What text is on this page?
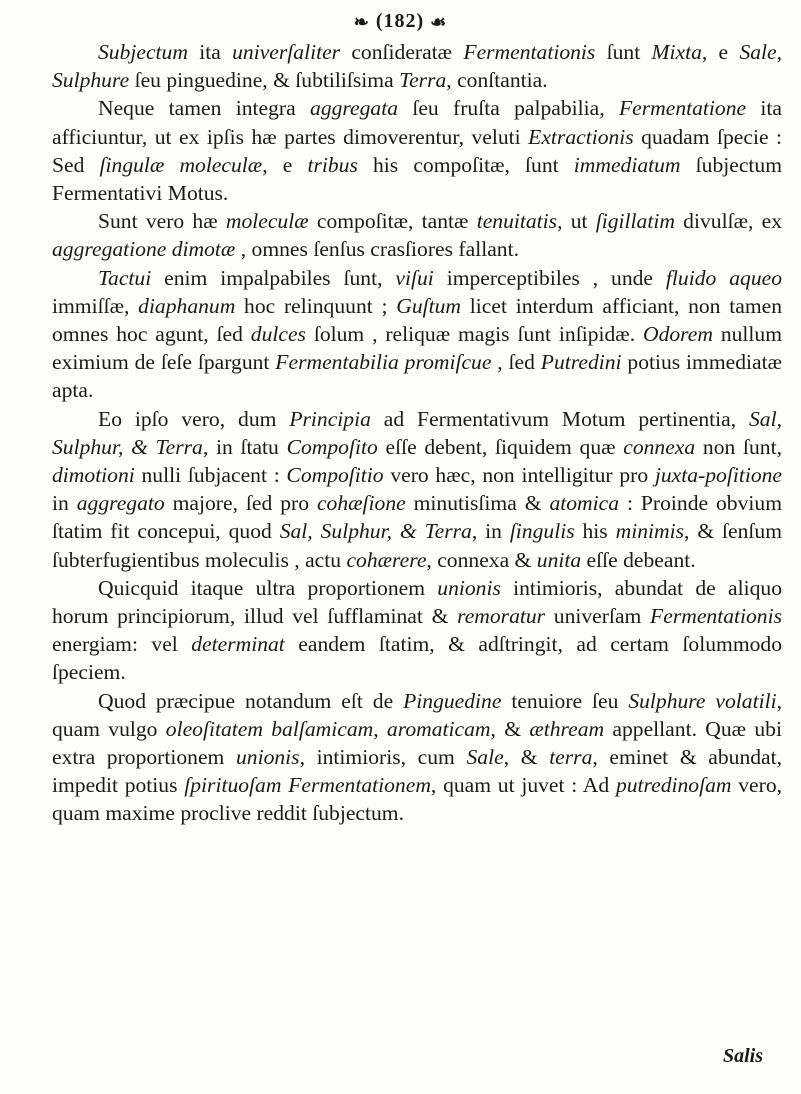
❧ (182) ☙

Subjectum ita univerſaliter conſideratæ Fermentationis ſunt Mixta, e Sale, Sulphure ſeu pinguedine, & ſubtiliſsima Terra, conſtantia.

Neque tamen integra aggregata ſeu fruſta palpabilia, Fermentatione ita afficiuntur, ut ex ipſis hæ partes dimoverentur, veluti Extractionis quadam ſpecie : Sed ſingulæ moleculæ, e tribus his compoſitæ, ſunt immediatum ſubjectum Fermentativi Motus.

Sunt vero hæ moleculæ compoſitæ, tantæ tenuitatis, ut ſigillatim divulſæ, ex aggregatione dimotæ , omnes ſenſus crasſiores fallant.

Tactui enim impalpabiles ſunt, viſui imperceptibiles , unde fluido aqueo immiſſæ, diaphanum hoc relinquunt ; Guſtum licet interdum afficiant, non tamen omnes hoc agunt, ſed dulces ſolum , reliquæ magis ſunt inſipidæ. Odorem nullum eximium de ſeſe ſpargunt Fermentabilia promiſcue , ſed Putredini potius immediatæ apta.

Eo ipſo vero, dum Principia ad Fermentativum Motum pertinentia, Sal, Sulphur, & Terra, in ſtatu Compoſito eſſe debent, ſiquidem quæ connexa non ſunt, dimotioni nulli ſubjacent : Compoſitio vero hæc, non intelligitur pro juxta-poſitione in aggregato majore, ſed pro cohæſione minutisſima & atomica : Proinde obvium ſtatim fit concepui, quod Sal, Sulphur, & Terra, in ſingulis his minimis, & ſenſum ſubterfugientibus moleculis , actu cohærere, connexa & unita eſſe debeant.

Quicquid itaque ultra proportionem unionis intimioris, abundat de aliquo horum principiorum, illud vel ſufflaminat & remoratur univerſam Fermentationis energiam: vel determinat eandem ſtatim, & adſtringit, ad certam ſolummodo ſpeciem.

Quod præcipue notandum eſt de Pinguedine tenuiore ſeu Sulphure volatili, quam vulgo oleoſitatem balſamicam, aromaticam, & æthream appellant. Quæ ubi extra proportionem unionis, intimioris, cum Sale, & terra, eminet & abundat, impedit potius ſpirituoſam Fermentationem, quam ut juvet : Ad putredinoſam vero, quam maxime proclive reddit ſubjectum.

Salis
